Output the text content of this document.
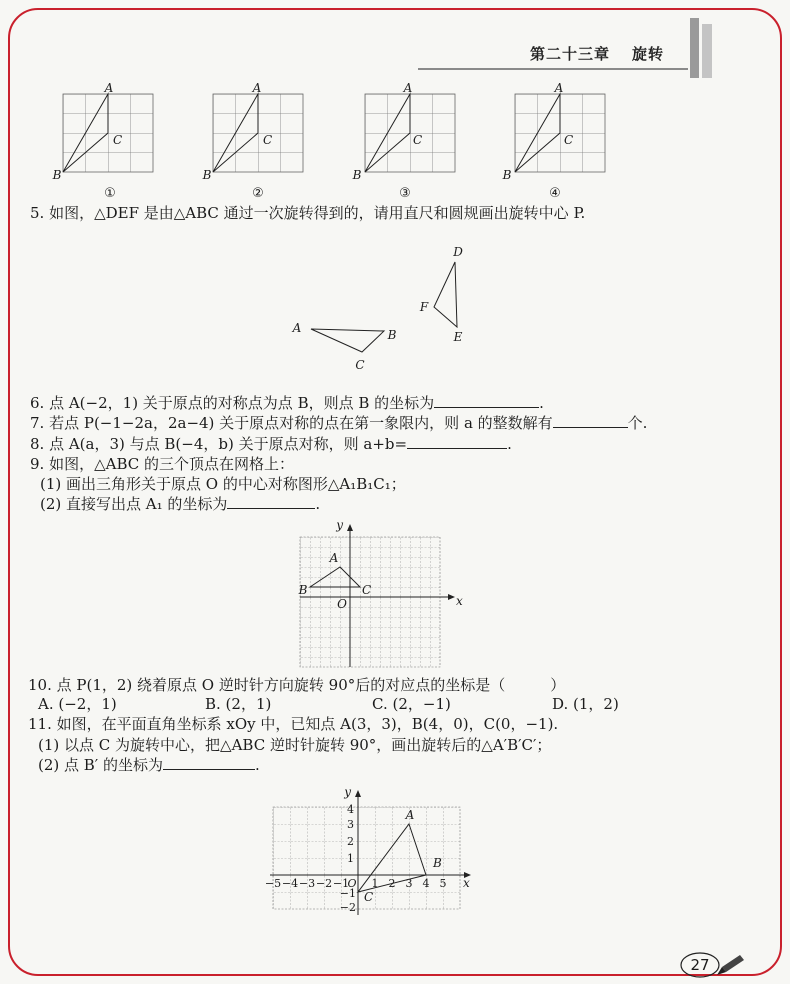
第二十三章 旋转
A
C
B
①
A
C
B
②
A
C
B
③
A
C
B
④
A	B
C
D
F
E
y
x
O
A
B	C
−5 −4 −3 −2 −1
O 1 2 3 4 5 x
4
3
2
1
−1
−2
y
A
B
C
27
5. 如图，△DEF 是由△ABC 通过一次旋转得到的，请用直尺和圆规画出旋转中心 P.
6. 点 A(−2，1) 关于原点的对称点为点 B，则点 B 的坐标为	.
7. 若点 P(−1−2a，2a−4) 关于原点对称的点在第一象限内，则 a 的整数解有	个.
8. 点 A(a，3) 与点 B(−4，b) 关于原点对称，则 a+b=	.
9. 如图，△ABC 的三个顶点在网格上：
(1) 画出三角形关于原点 O 的中心对称图形△A₁B₁C₁；
(2) 直接写出点 A₁ 的坐标为	.
10. 点 P(1，2) 绕着原点 O 逆时针方向旋转 90°后的对应点的坐标是（　　　）
A. (−2，1)	B. (2，1)	C. (2，−1)	D. (1，2)
11. 如图，在平面直角坐标系 xOy 中，已知点 A(3，3)，B(4，0)，C(0，−1).
(1) 以点 C 为旋转中心，把△ABC 逆时针旋转 90°，画出旋转后的△A′B′C′；
(2) 点 B′ 的坐标为	.
